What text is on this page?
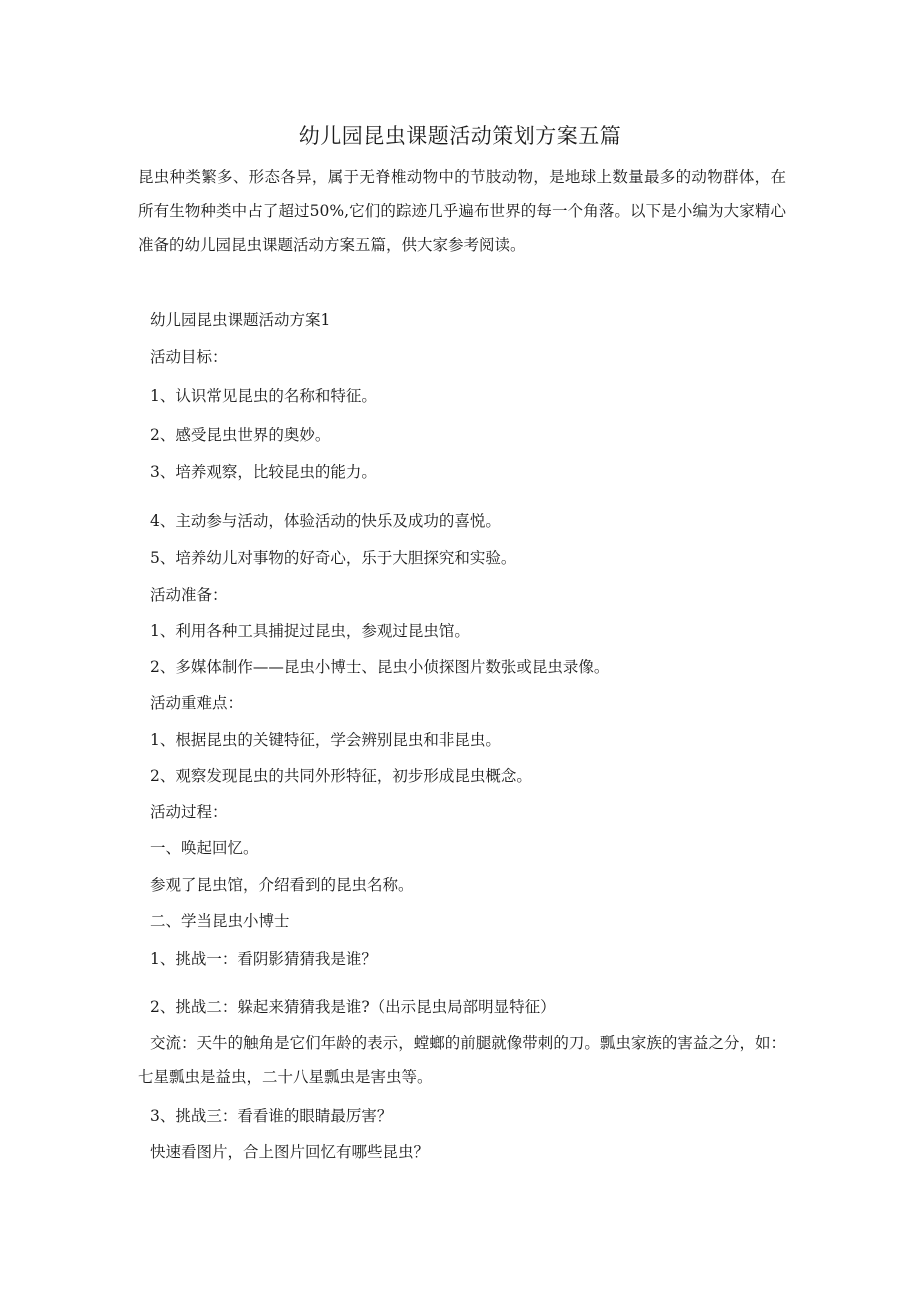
幼儿园昆虫课题活动策划方案五篇
昆虫种类繁多、形态各异，属于无脊椎动物中的节肢动物，是地球上数量最多的动物群体，在所有生物种类中占了超过50%,它们的踪迹几乎遍布世界的每一个角落。以下是小编为大家精心准备的幼儿园昆虫课题活动方案五篇，供大家参考阅读。
幼儿园昆虫课题活动方案1
活动目标：
1、认识常见昆虫的名称和特征。
2、感受昆虫世界的奥妙。
3、培养观察，比较昆虫的能力。
4、主动参与活动，体验活动的快乐及成功的喜悦。
5、培养幼儿对事物的好奇心，乐于大胆探究和实验。
活动准备：
1、利用各种工具捕捉过昆虫，参观过昆虫馆。
2、多媒体制作——昆虫小博士、昆虫小侦探图片数张或昆虫录像。
活动重难点：
1、根据昆虫的关键特征，学会辨别昆虫和非昆虫。
2、观察发现昆虫的共同外形特征，初步形成昆虫概念。
活动过程：
一、唤起回忆。
参观了昆虫馆，介绍看到的昆虫名称。
二、学当昆虫小博士
1、挑战一：看阴影猜猜我是谁？
2、挑战二：躲起来猜猜我是谁?（出示昆虫局部明显特征）
交流：天牛的触角是它们年龄的表示，螳螂的前腿就像带刺的刀。瓢虫家族的害益之分，如：七星瓢虫是益虫，二十八星瓢虫是害虫等。
3、挑战三：看看谁的眼睛最厉害？
快速看图片，合上图片回忆有哪些昆虫？
